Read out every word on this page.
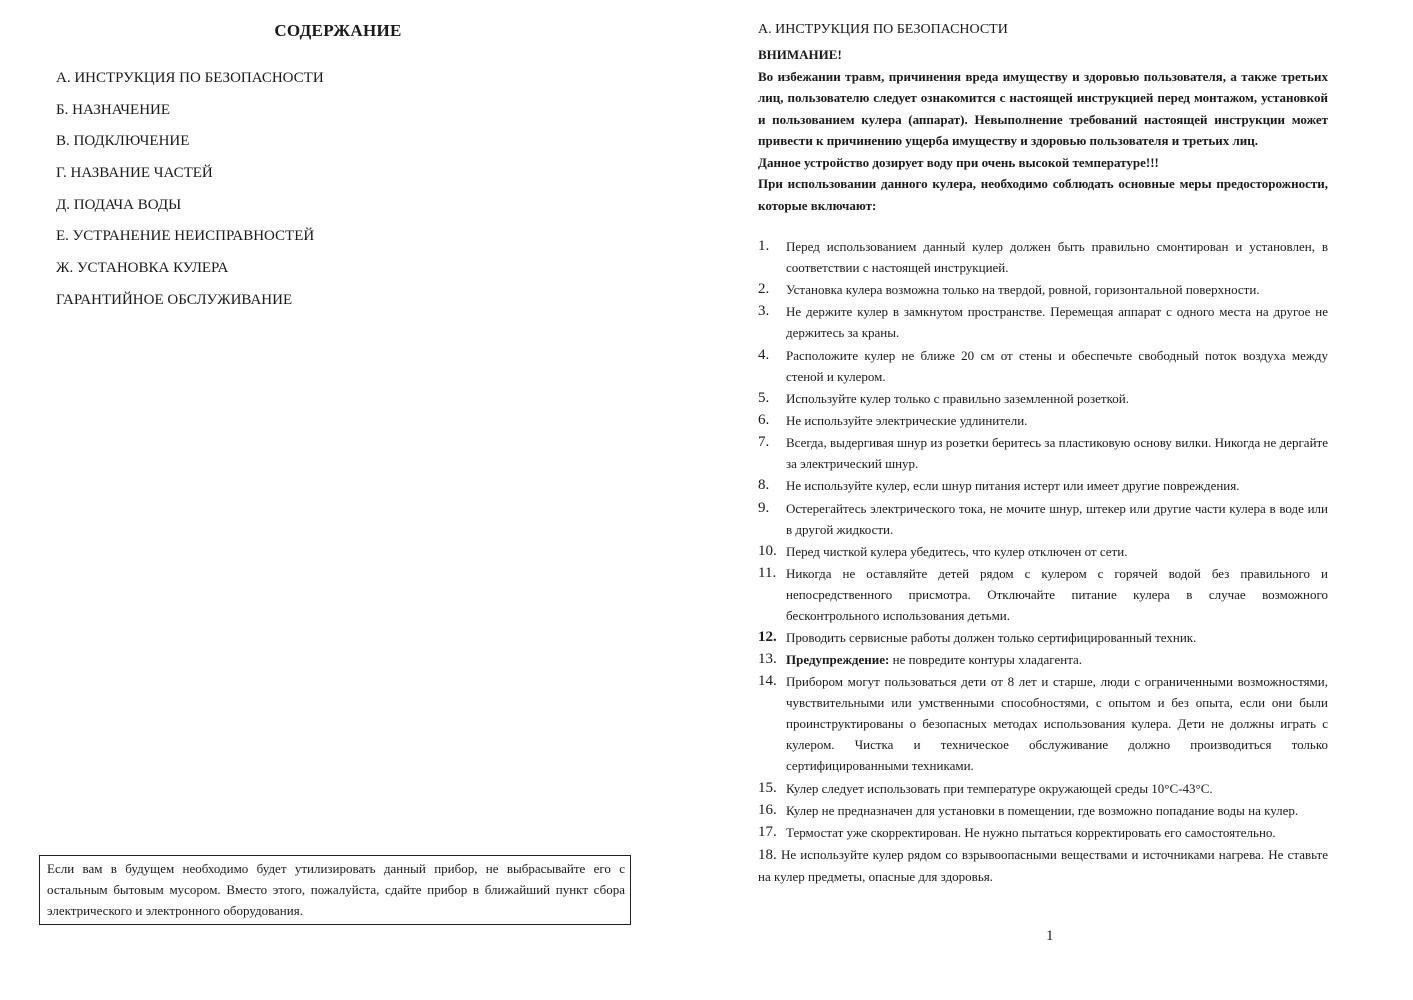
СОДЕРЖАНИЕ
А. ИНСТРУКЦИЯ ПО БЕЗОПАСНОСТИ
Б. НАЗНАЧЕНИЕ
В. ПОДКЛЮЧЕНИЕ
Г. НАЗВАНИЕ ЧАСТЕЙ
Д. ПОДАЧА ВОДЫ
Е. УСТРАНЕНИЕ НЕИСПРАВНОСТЕЙ
Ж. УСТАНОВКА КУЛЕРА
ГАРАНТИЙНОЕ ОБСЛУЖИВАНИЕ
Если вам в будущем необходимо будет утилизировать данный прибор, не выбрасывайте его с остальным бытовым мусором. Вместо этого, пожалуйста, сдайте прибор в ближайший пункт сбора электрического и электронного оборудования.
А. ИНСТРУКЦИЯ ПО БЕЗОПАСНОСТИ

ВНИМАНИЕ!

Во избежании травм, причинения вреда имуществу и здоровью пользователя, а также третьих лиц, пользователю следует ознакомится с настоящей инструкцией перед монтажом, установкой и пользованием кулера (аппарат). Невыполнение требований настоящей инструкции может привести к причинению ущерба имуществу и здоровью пользователя и третьих лиц.

Данное устройство дозирует воду при очень высокой температуре!!!

При использовании данного кулера, необходимо соблюдать основные меры предосторожности, которые включают:

1. Перед использованием данный кулер должен быть правильно смонтирован и установлен, в соответствии с настоящей инструкцией.
2. Установка кулера возможна только на твердой, ровной, горизонтальной поверхности.
3. Не держите кулер в замкнутом пространстве. Перемещая аппарат с одного места на другое не держитесь за краны.
4. Расположите кулер не ближе 20 см от стены и обеспечьте свободный поток воздуха между стеной и кулером.
5. Используйте кулер только с правильно заземленной розеткой.
6. Не используйте электрические удлинители.
7. Всегда, выдергивая шнур из розетки беритесь за пластиковую основу вилки. Никогда не дергайте за электрический шнур.
8. Не используйте кулер, если шнур питания истерт или имеет другие повреждения.
9. Остерегайтесь электрического тока, не мочите шнур, штекер или другие части кулера в воде или в другой жидкости.
10. Перед чисткой кулера убедитесь, что кулер отключен от сети.
11. Никогда не оставляйте детей рядом с кулером с горячей водой без правильного и непосредственного присмотра. Отключайте питание кулера в случае возможного бесконтрольного использования детьми.
12. Проводить сервисные работы должен только сертифицированный техник.
13. Предупреждение: не повредите контуры хладагента.
14. Прибором могут пользоваться дети от 8 лет и старше, люди с ограниченными возможностями, чувствительными или умственными способностями, с опытом и без опыта, если они были проинструктированы о безопасных методах использования кулера. Дети не должны играть с кулером. Чистка и техническое обслуживание должно производиться только сертифицированными техниками.
15. Кулер следует использовать при температуре окружающей среды 10°С-43°С.
16. Кулер не предназначен для установки в помещении, где возможно попадание воды на кулер.
17. Термостат уже скорректирован. Не нужно пытаться корректировать его самостоятельно.
18. Не используйте кулер рядом со взрывоопасными веществами и источниками нагрева. Не ставьте на кулер предметы, опасные для здоровья.
1
